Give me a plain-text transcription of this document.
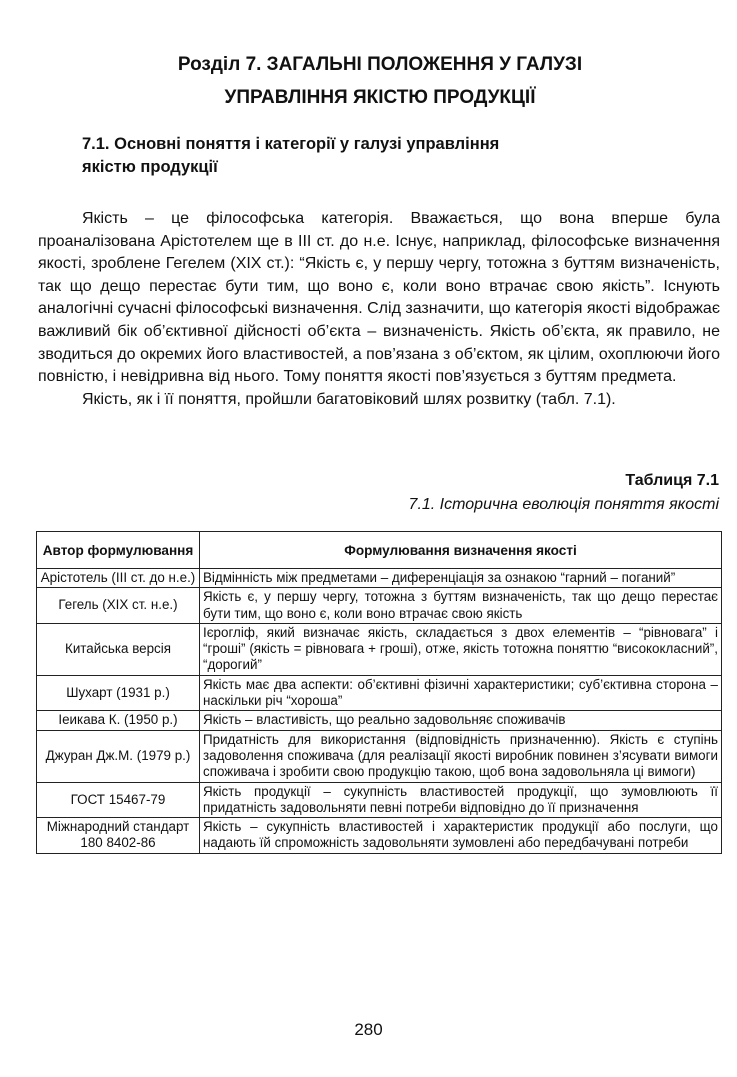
Розділ 7. ЗАГАЛЬНІ ПОЛОЖЕННЯ У ГАЛУЗІ
УПРАВЛІННЯ ЯКІСТЮ ПРОДУКЦІЇ
7.1. Основні поняття і категорії у галузі управління
якістю продукції

Якість – це філософська категорія. Вважається, що вона вперше була проаналізована Арістотелем ще в III ст. до н.е. Існує, наприклад, філософське визначення якості, зроблене Гегелем (XIX ст.): “Якість є, у першу чергу, тотожна з буттям визначеність, так що дещо перестає бути тим, що воно є, коли воно втрачає свою якість”. Існують аналогічні сучасні філософські визначення. Слід зазначити, що категорія якості відображає важливий бік об’єктивної дійсності об’єкта – визначеність. Якість об’єкта, як правило, не зводиться до окремих його властивостей, а пов’язана з об’єктом, як цілим, охоплюючи його повністю, і невідривна від нього. Тому поняття якості пов’язується з буттям предмета.

Якість, як і її поняття, пройшли багатовіковий шлях розвитку (табл. 7.1).

Таблиця 7.1
7.1. Історична еволюція поняття якості
Автор формулювання	Формулювання визначення якості
Арістотель (III ст. до н.е.)	Відмінність між предметами – диференціація за ознакою “гарний – поганий”
Гегель (XIX ст. н.е.)	Якість є, у першу чергу, тотожна з буттям визначеність, так що дещо перестає бути тим, що воно є, коли воно втрачає свою якість
Китайська версія	Ієрогліф, який визначає якість, складається з двох елементів – “рівновага” і “гроші” (якість = рівновага + гроші), отже, якість тотожна поняттю “висококласний”, “дорогий”
Шухарт (1931 р.)	Якість має два аспекти: об’єктивні фізичні характеристики; суб’єктивна сторона – наскільки річ “хороша”
Іеикава К. (1950 р.)	Якість – властивість, що реально задовольняє споживачів
Джуран Дж.М. (1979 р.)	Придатність для використання (відповідність призначенню). Якість є ступінь задоволення споживача (для реалізації якості виробник повинен з’ясувати вимоги споживача і зробити свою продукцію такою, щоб вона задовольняла ці вимоги)
ГОСТ 15467-79	Якість продукції – сукупність властивостей продукції, що зумовлюють її придатність задовольняти певні потреби відповідно до її призначення
Міжнародний стандарт 180 8402-86	Якість – сукупність властивостей і характеристик продукції або послуги, що надають їй спроможність задовольняти зумовлені або передбачувані потреби
280
